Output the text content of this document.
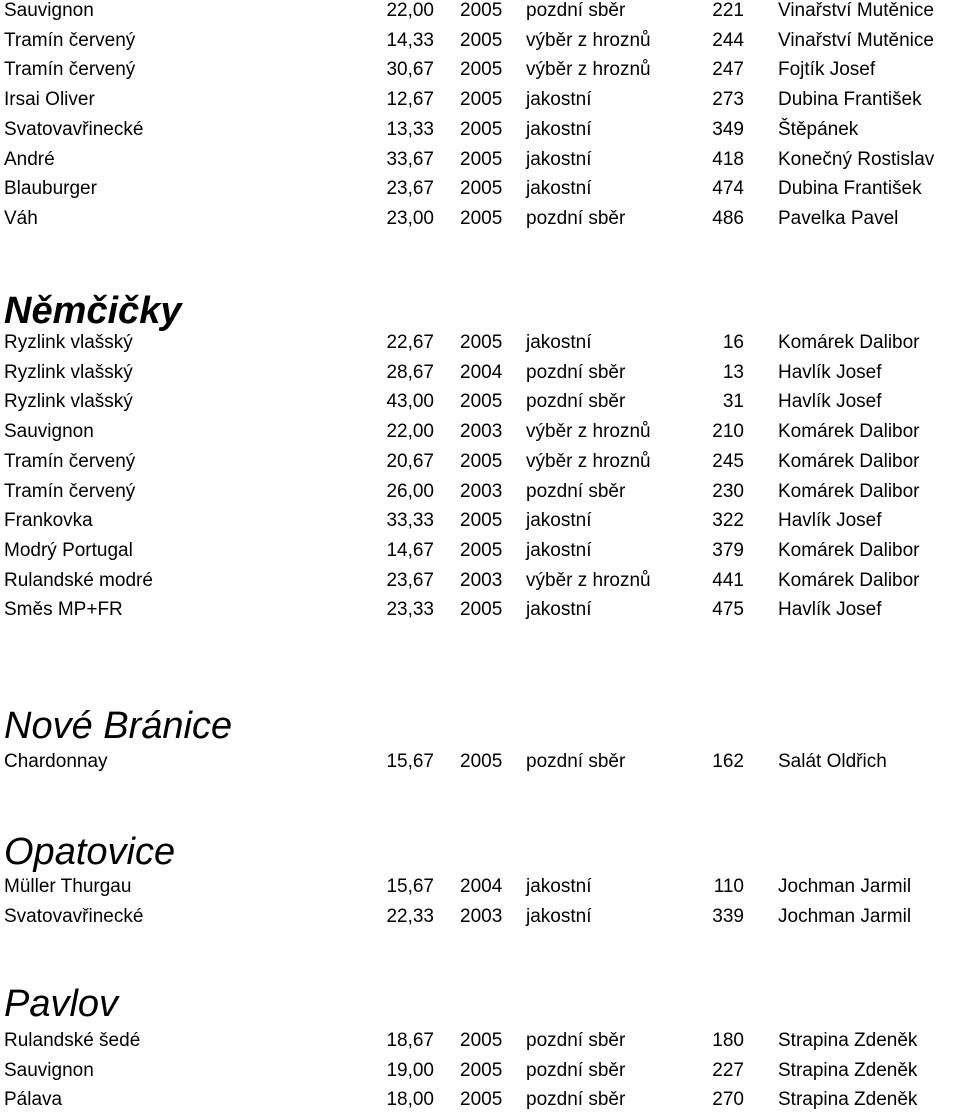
Sauvignon	22,00 2005 pozdní sběr	221 Vinařství Mutěnice
Tramín červený	14,33 2005 výběr z hroznů	244 Vinařství Mutěnice
Tramín červený	30,67 2005 výběr z hroznů	247 Fojtík Josef
Irsai Oliver	12,67 2005 jakostní	273 Dubina František
Svatovavřinecké	13,33 2005 jakostní	349 Štěpánek
André	33,67 2005 jakostní	418 Konečný Rostislav
Blauburger	23,67 2005 jakostní	474 Dubina František
Váh	23,00 2005 pozdní sběr	486 Pavelka Pavel
Němčičky
Ryzlink vlašský	22,67 2005 jakostní	16 Komárek Dalibor
Ryzlink vlašský	28,67 2004 pozdní sběr	13 Havlík Josef
Ryzlink vlašský	43,00 2005 pozdní sběr	31 Havlík Josef
Sauvignon	22,00 2003 výběr z hroznů	210 Komárek Dalibor
Tramín červený	20,67 2005 výběr z hroznů	245 Komárek Dalibor
Tramín červený	26,00 2003 pozdní sběr	230 Komárek Dalibor
Frankovka	33,33 2005 jakostní	322 Havlík Josef
Modrý Portugal	14,67 2005 jakostní	379 Komárek Dalibor
Rulandské modré	23,67 2003 výběr z hroznů	441 Komárek Dalibor
Směs MP+FR	23,33 2005 jakostní	475 Havlík Josef
Nové Bránice
Chardonnay	15,67 2005 pozdní sběr	162 Salát Oldřich
Opatovice
Müller Thurgau	15,67 2004 jakostní	110 Jochman Jarmil
Svatovavřinecké	22,33 2003 jakostní	339 Jochman Jarmil
Pavlov
Rulandské šedé	18,67 2005 pozdní sběr	180 Strapina Zdeněk
Sauvignon	19,00 2005 pozdní sběr	227 Strapina Zdeněk
Pálava	18,00 2005 pozdní sběr	270 Strapina Zdeněk
